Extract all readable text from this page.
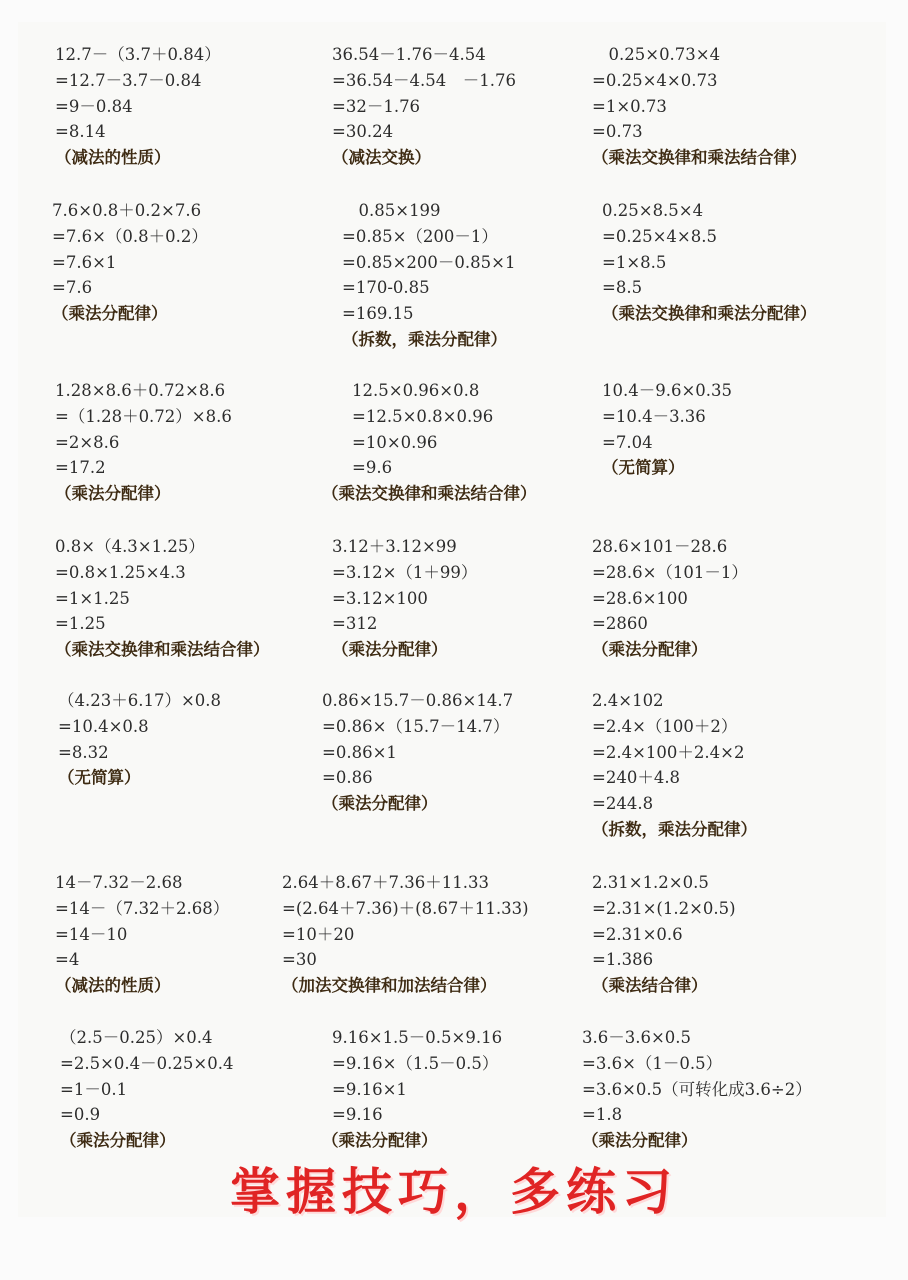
12.7－（3.7＋0.84）
=12.7－3.7－0.84
=9－0.84
=8.14
（减法的性质）
36.54－1.76－4.54
=36.54－4.54　－1.76
=32－1.76
=30.24
（减法交换）
　0.25×0.73×4
=0.25×4×0.73
=1×0.73
=0.73
（乘法交换律和乘法结合律）
7.6×0.8＋0.2×7.6
=7.6×（0.8＋0.2）
=7.6×1
=7.6
（乘法分配律）
　0.85×199
=0.85×（200－1）
=0.85×200－0.85×1
=170-0.85
=169.15
（拆数，乘法分配律）
0.25×8.5×4
=0.25×4×8.5
=1×8.5
=8.5
（乘法交换律和乘法分配律）
1.28×8.6＋0.72×8.6
=（1.28＋0.72）×8.6
=2×8.6
=17.2
（乘法分配律）
12.5×0.96×0.8
=12.5×0.8×0.96
=10×0.96
=9.6
（乘法交换律和乘法结合律）
10.4－9.6×0.35
=10.4－3.36
=7.04
（无简算）
0.8×（4.3×1.25）
=0.8×1.25×4.3
=1×1.25
=1.25
（乘法交换律和乘法结合律）
3.12＋3.12×99
=3.12×（1＋99）
=3.12×100
=312
（乘法分配律）
28.6×101－28.6
=28.6×（101－1）
=28.6×100
=2860
（乘法分配律）
（4.23＋6.17）×0.8
=10.4×0.8
=8.32
（无简算）
0.86×15.7－0.86×14.7
=0.86×（15.7－14.7）
=0.86×1
=0.86
（乘法分配律）
2.4×102
=2.4×（100＋2）
=2.4×100＋2.4×2
=240＋4.8
=244.8
（拆数，乘法分配律）
14－7.32－2.68
=14－（7.32＋2.68）
=14－10
=4
（减法的性质）
2.64＋8.67＋7.36＋11.33
=(2.64＋7.36)＋(8.67＋11.33)
=10＋20
=30
（加法交换律和加法结合律）
2.31×1.2×0.5
=2.31×(1.2×0.5)
=2.31×0.6
=1.386
（乘法结合律）
（2.5－0.25）×0.4
=2.5×0.4－0.25×0.4
=1－0.1
=0.9
（乘法分配律）
9.16×1.5－0.5×9.16
=9.16×（1.5－0.5）
=9.16×1
=9.16
（乘法分配律）
3.6－3.6×0.5
=3.6×（1－0.5）
=3.6×0.5（可转化成3.6÷2）
=1.8
（乘法分配律）
掌握技巧，多练习
